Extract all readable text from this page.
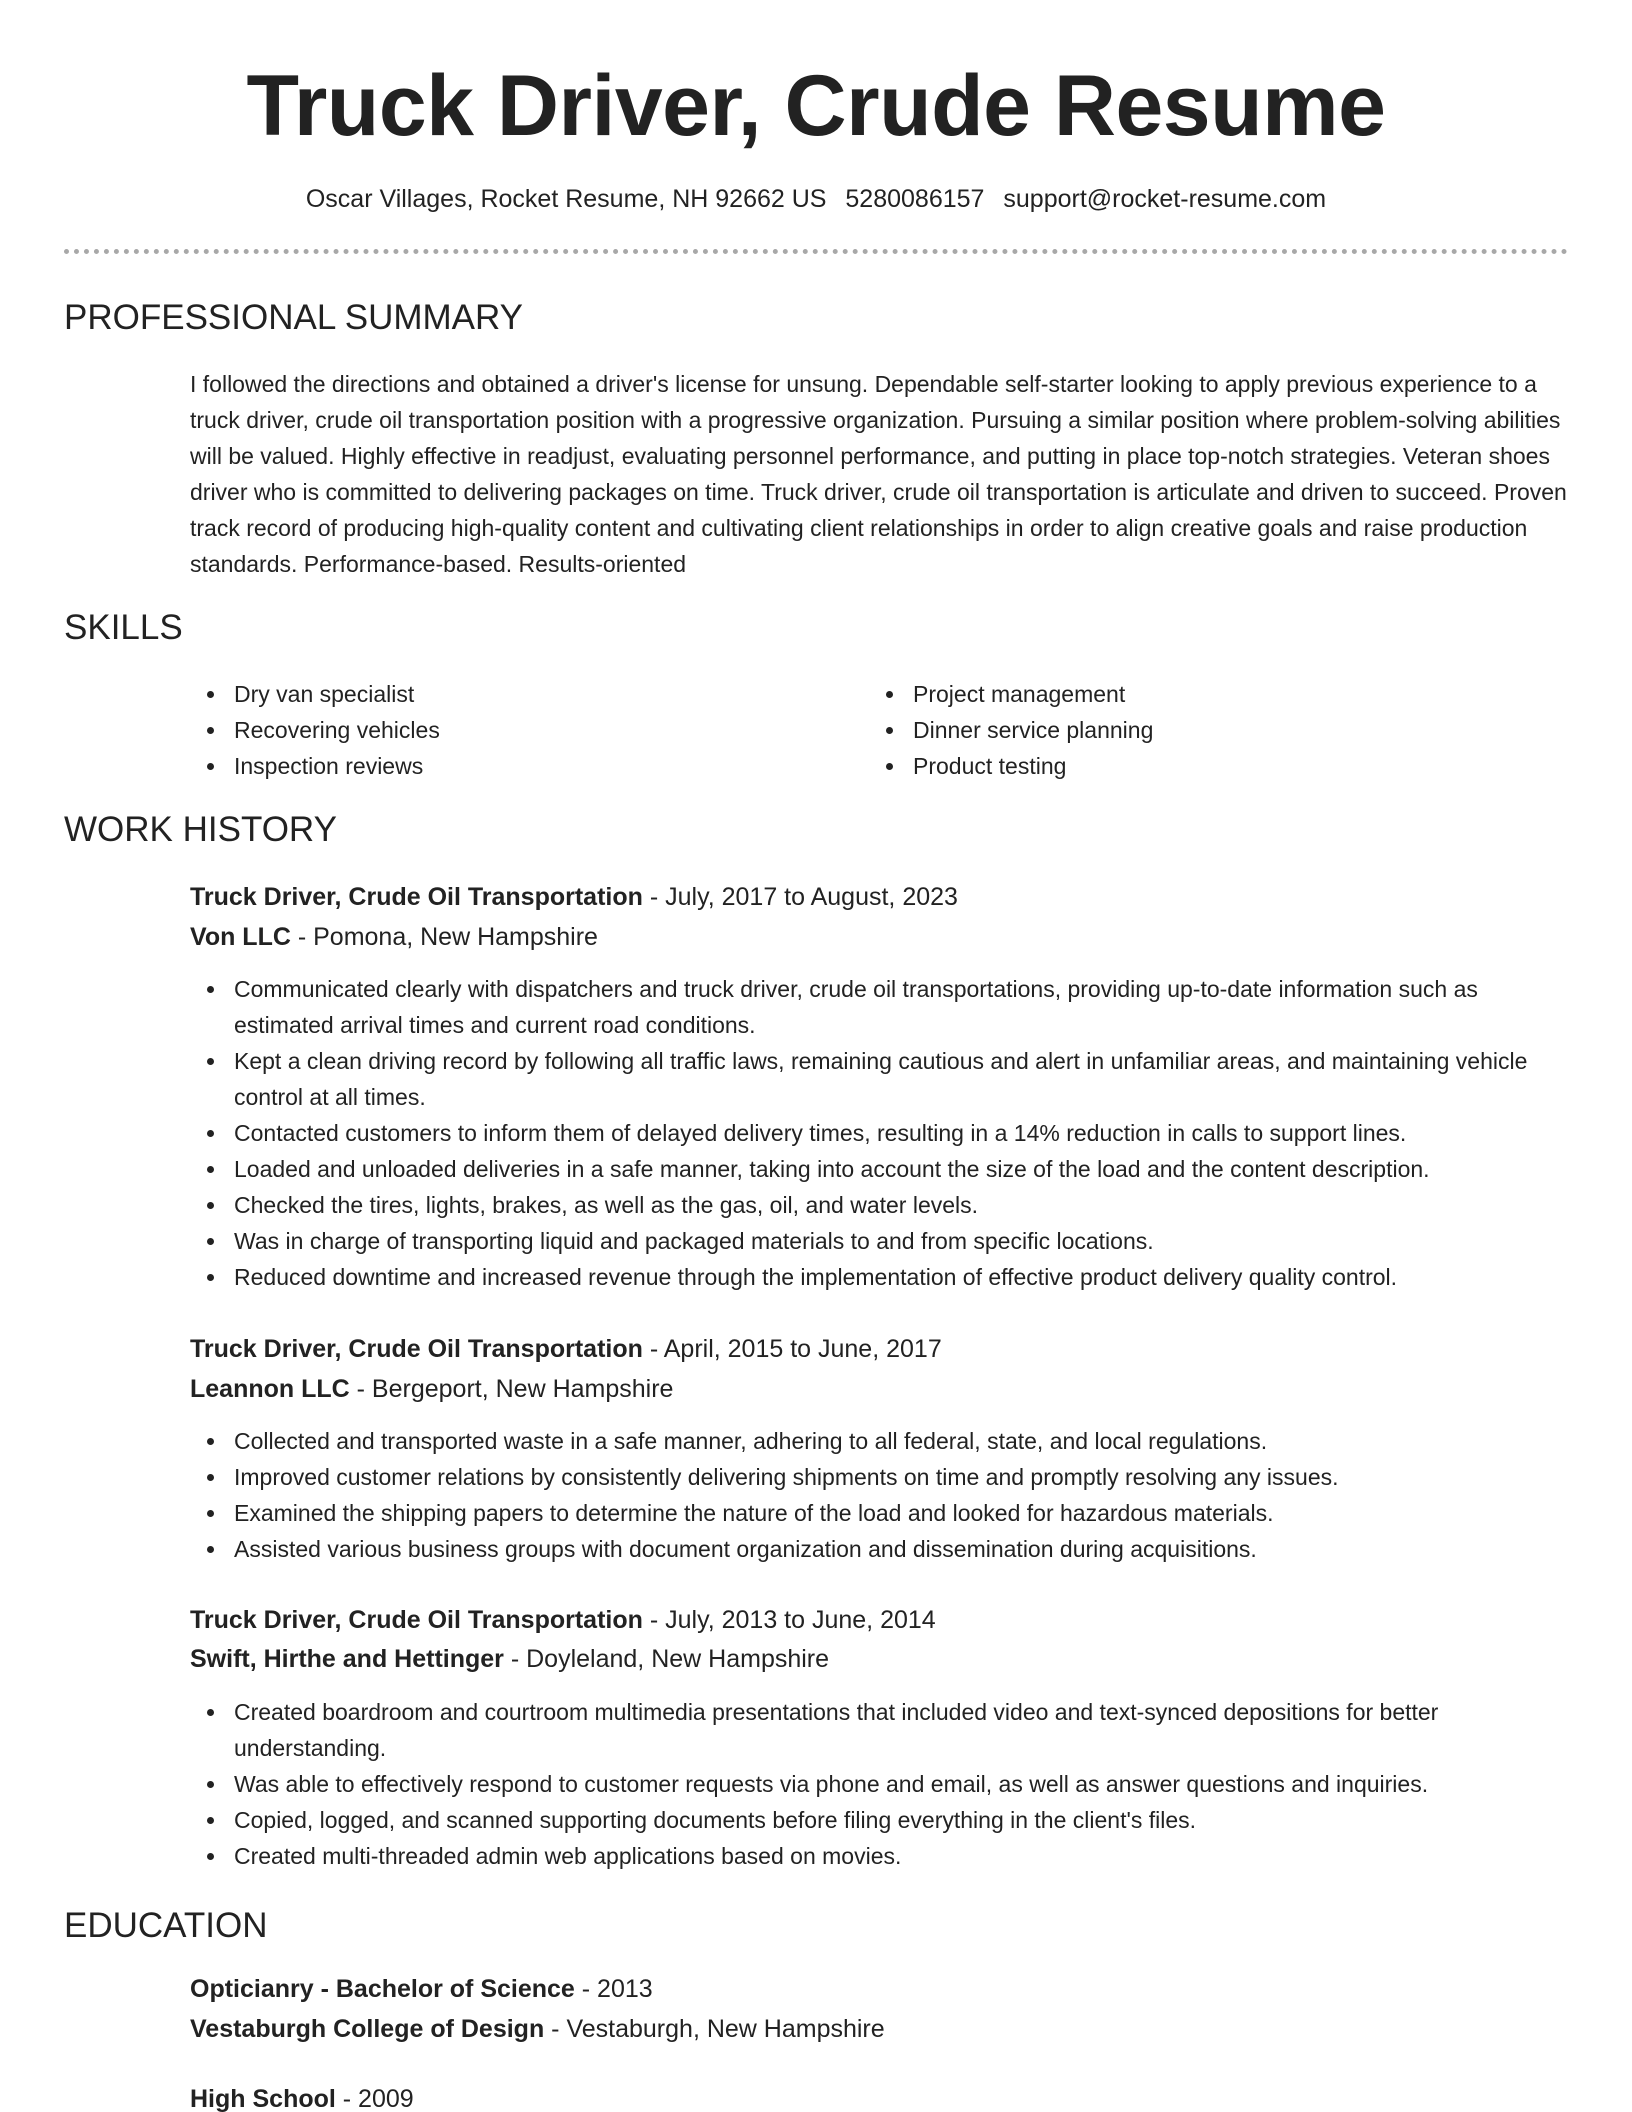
Truck Driver, Crude Resume
Oscar Villages, Rocket Resume, NH 92662 US 5280086157 support@rocket-resume.com
PROFESSIONAL SUMMARY

I followed the directions and obtained a driver's license for unsung. Dependable self-starter looking to apply previous experience to a truck driver, crude oil transportation position with a progressive organization. Pursuing a similar position where problem-solving abilities will be valued. Highly effective in readjust, evaluating personnel performance, and putting in place top-notch strategies. Veteran shoes driver who is committed to delivering packages on time. Truck driver, crude oil transportation is articulate and driven to succeed. Proven track record of producing high-quality content and cultivating client relationships in order to align creative goals and raise production standards. Performance-based. Results-oriented

SKILLS
Dry van specialist
Recovering vehicles
Inspection reviews
Project management
Dinner service planning
Product testing
WORK HISTORY
Truck Driver, Crude Oil Transportation - July, 2017 to August, 2023
Von LLC - Pomona, New Hampshire
Communicated clearly with dispatchers and truck driver, crude oil transportations, providing up-to-date information such as estimated arrival times and current road conditions.
Kept a clean driving record by following all traffic laws, remaining cautious and alert in unfamiliar areas, and maintaining vehicle control at all times.
Contacted customers to inform them of delayed delivery times, resulting in a 14% reduction in calls to support lines.
Loaded and unloaded deliveries in a safe manner, taking into account the size of the load and the content description.
Checked the tires, lights, brakes, as well as the gas, oil, and water levels.
Was in charge of transporting liquid and packaged materials to and from specific locations.
Reduced downtime and increased revenue through the implementation of effective product delivery quality control.
Truck Driver, Crude Oil Transportation - April, 2015 to June, 2017
Leannon LLC - Bergeport, New Hampshire
Collected and transported waste in a safe manner, adhering to all federal, state, and local regulations.
Improved customer relations by consistently delivering shipments on time and promptly resolving any issues.
Examined the shipping papers to determine the nature of the load and looked for hazardous materials.
Assisted various business groups with document organization and dissemination during acquisitions.
Truck Driver, Crude Oil Transportation - July, 2013 to June, 2014
Swift, Hirthe and Hettinger - Doyleland, New Hampshire
Created boardroom and courtroom multimedia presentations that included video and text-synced depositions for better understanding.
Was able to effectively respond to customer requests via phone and email, as well as answer questions and inquiries.
Copied, logged, and scanned supporting documents before filing everything in the client's files.
Created multi-threaded admin web applications based on movies.
EDUCATION
Opticianry - Bachelor of Science - 2013
Vestaburgh College of Design - Vestaburgh, New Hampshire
High School - 2009
